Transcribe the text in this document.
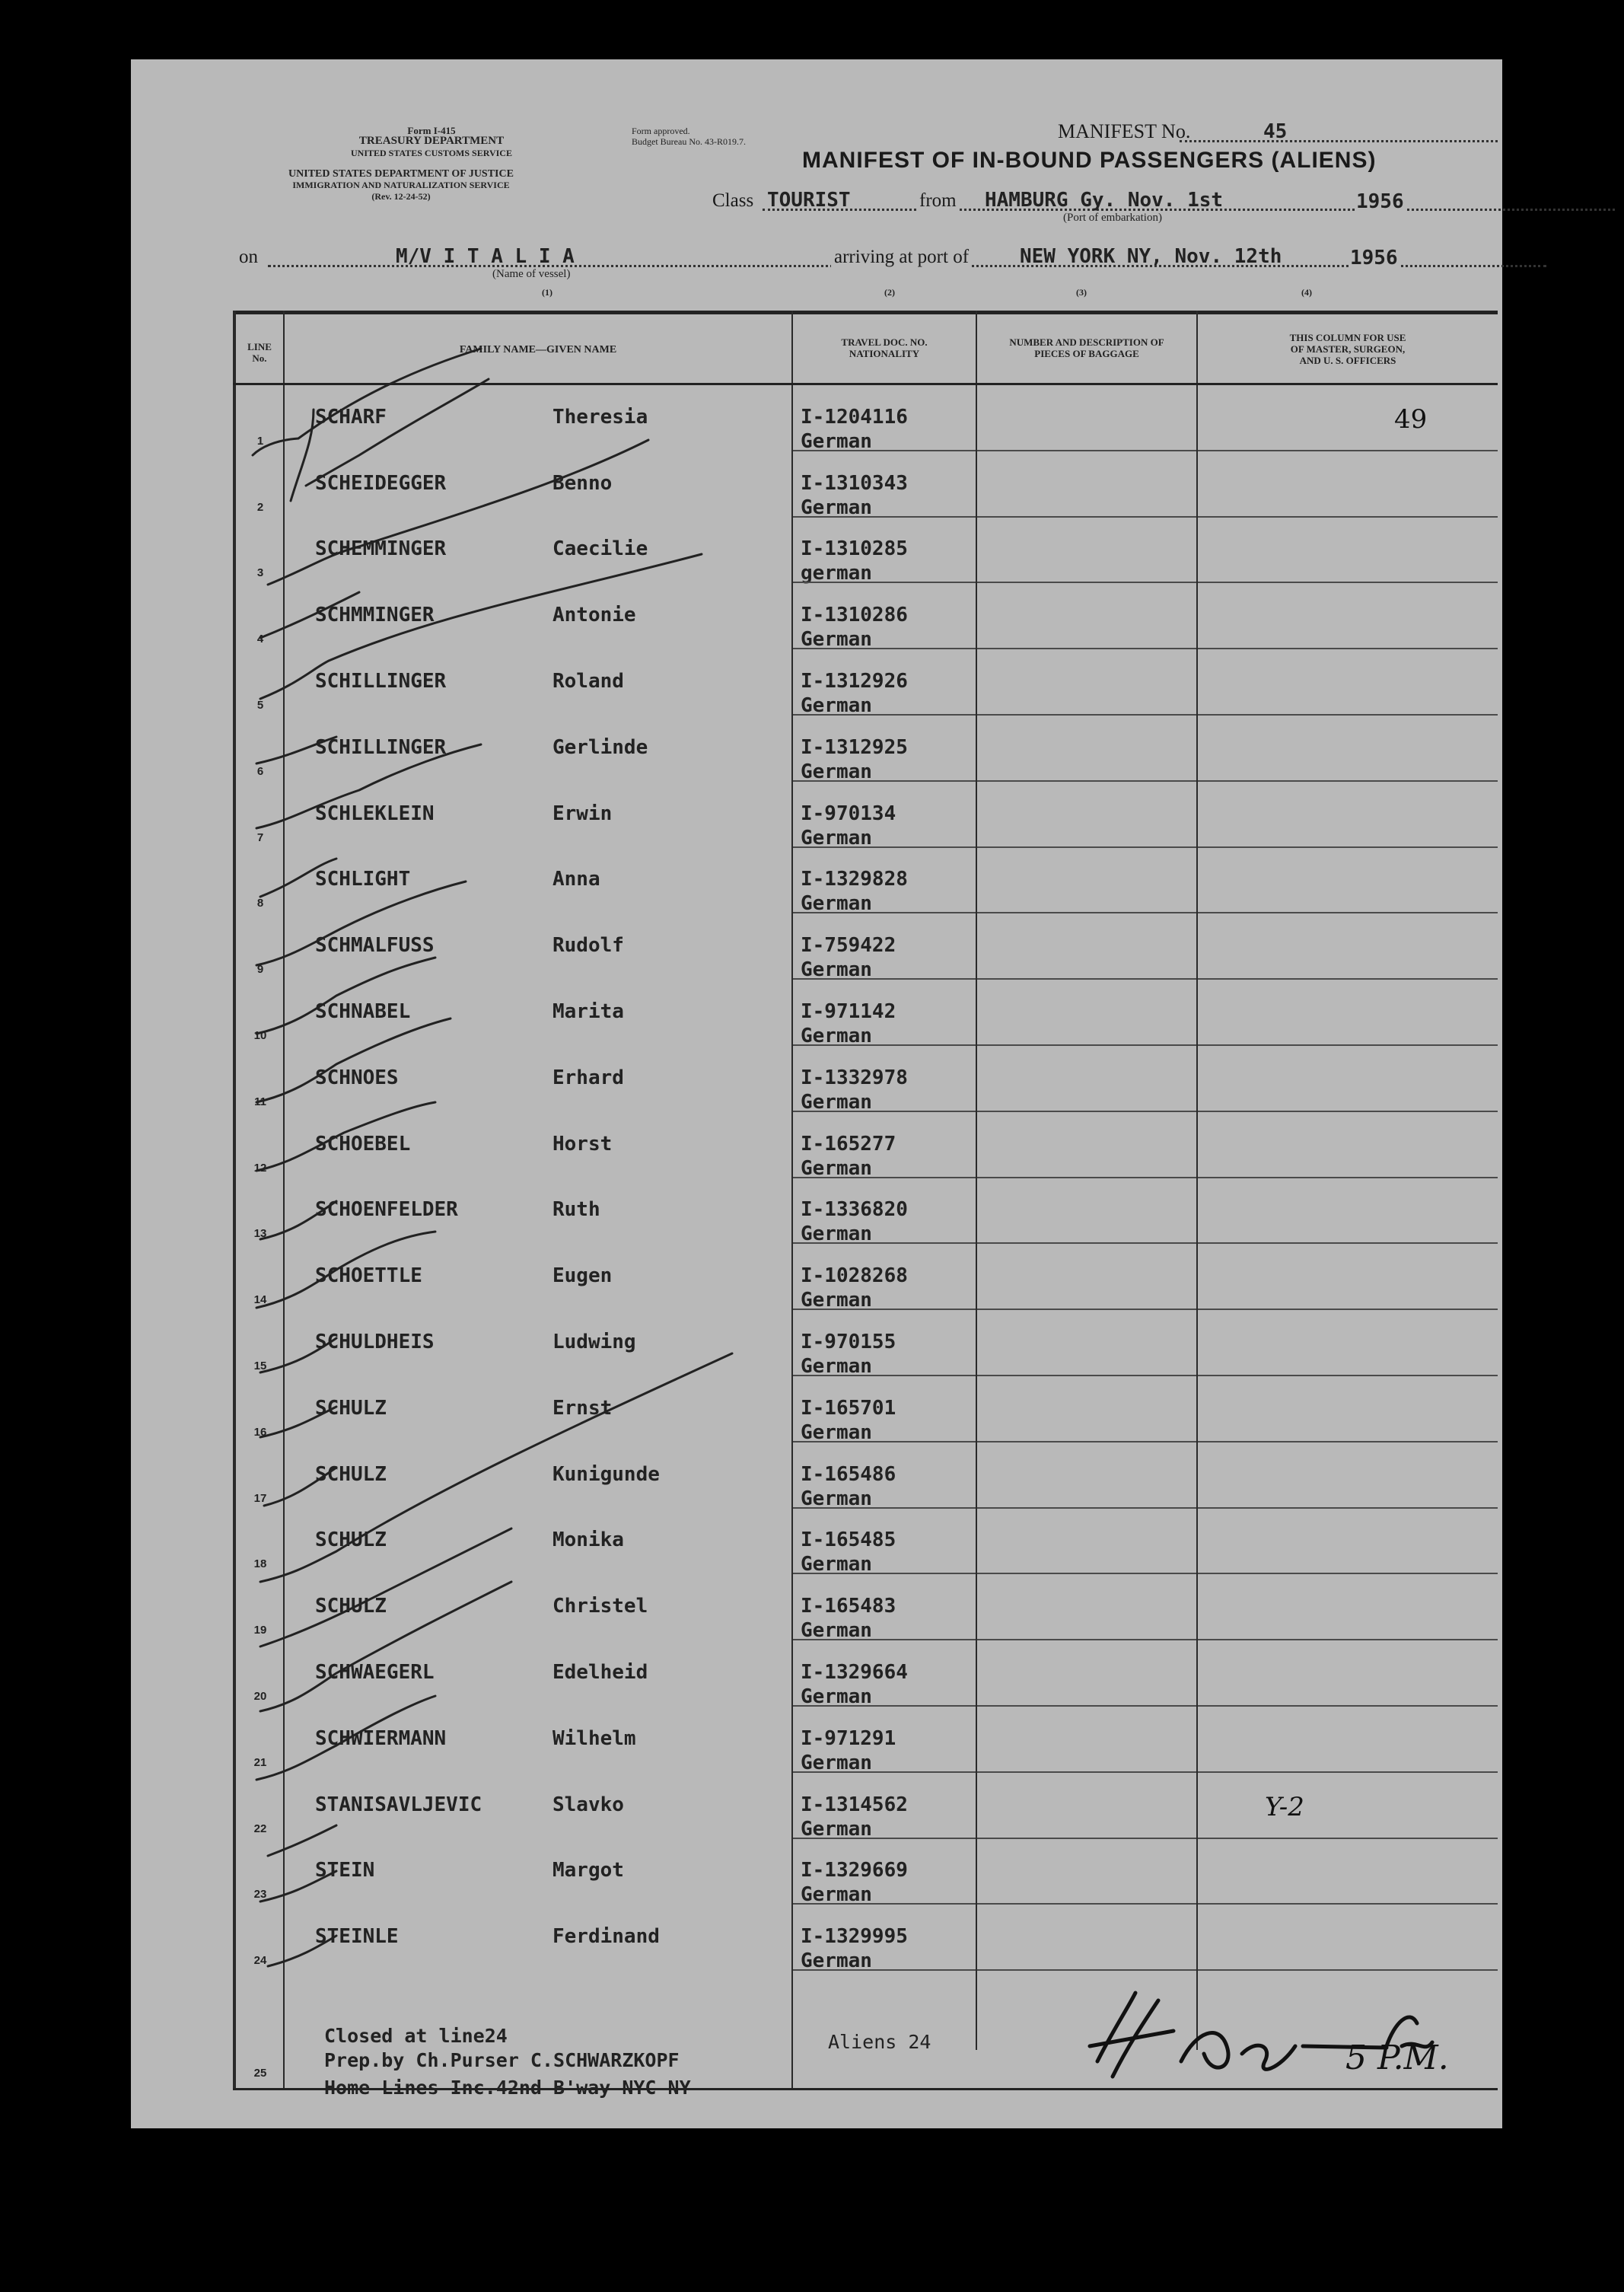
Form I-415
TREASURY DEPARTMENT
UNITED STATES CUSTOMS SERVICE
UNITED STATES DEPARTMENT OF JUSTICE
IMMIGRATION AND NATURALIZATION SERVICE
(Rev. 12-24-52)
Form approved.
Budget Bureau No. 43-R019.7.	MANIFEST No.	45
MANIFEST OF IN-BOUND PASSENGERS (ALIENS)
Class TOURIST	from HAMBURG Gy. Nov. 1st
(Port of embarkation)
1956
on	M/V I T A L I A
(Name of vessel)
arriving at port of	NEW YORK NY, Nov. 12th	1956
(1)	(2)	(3)	(4)
LINE
No.
FAMILY NAME—GIVEN NAME
TRAVEL DOC. NO.
NATIONALITY
NUMBER AND DESCRIPTION OF
PIECES OF BAGGAGE
THIS COLUMN FOR USE
OF MASTER, SURGEON,
AND U. S. OFFICERS
1
SCHARF	Theresia	I-1204116
German
49
2
SCHEIDEGGER	Benno	I-1310343
German
3
SCHEMMINGER	Caecilie	I-1310285
german
4
SCHMMINGER	Antonie	I-1310286
German
5
SCHILLINGER	Roland	I-1312926
German
6
SCHILLINGER	Gerlinde	I-1312925
German
7
SCHLEKLEIN	Erwin	I-970134
German
8
SCHLIGHT	Anna	I-1329828
German
9
SCHMALFUSS	Rudolf	I-759422
German
10
SCHNABEL	Marita	I-971142
German
11
SCHNOES	Erhard	I-1332978
German
12
SCHOEBEL	Horst	I-165277
German
13
SCHOENFELDER	Ruth	I-1336820
German
14
SCHOETTLE	Eugen	I-1028268
German
15
SCHULDHEIS	Ludwing	I-970155
German
16
SCHULZ	Ernst	I-165701
German
17
SCHULZ	Kunigunde	I-165486
German
18
SCHULZ	Monika	I-165485
German
19
SCHULZ	Christel	I-165483
German
20
SCHWAEGERL	Edelheid	I-1329664
German
21
SCHWIERMANN	Wilhelm	I-971291
German
22
STANISAVLJEVIC	Slavko	I-1314562
German
Y-2
23
STEIN	Margot	I-1329669
German
24
STEINLE	Ferdinand	I-1329995
German
25
Closed at line24
Prep.by Ch.Purser C.SCHWARZKOPF
Home Lines Inc.42nd B'way NYC NY
Aliens 24	5 P.M.
